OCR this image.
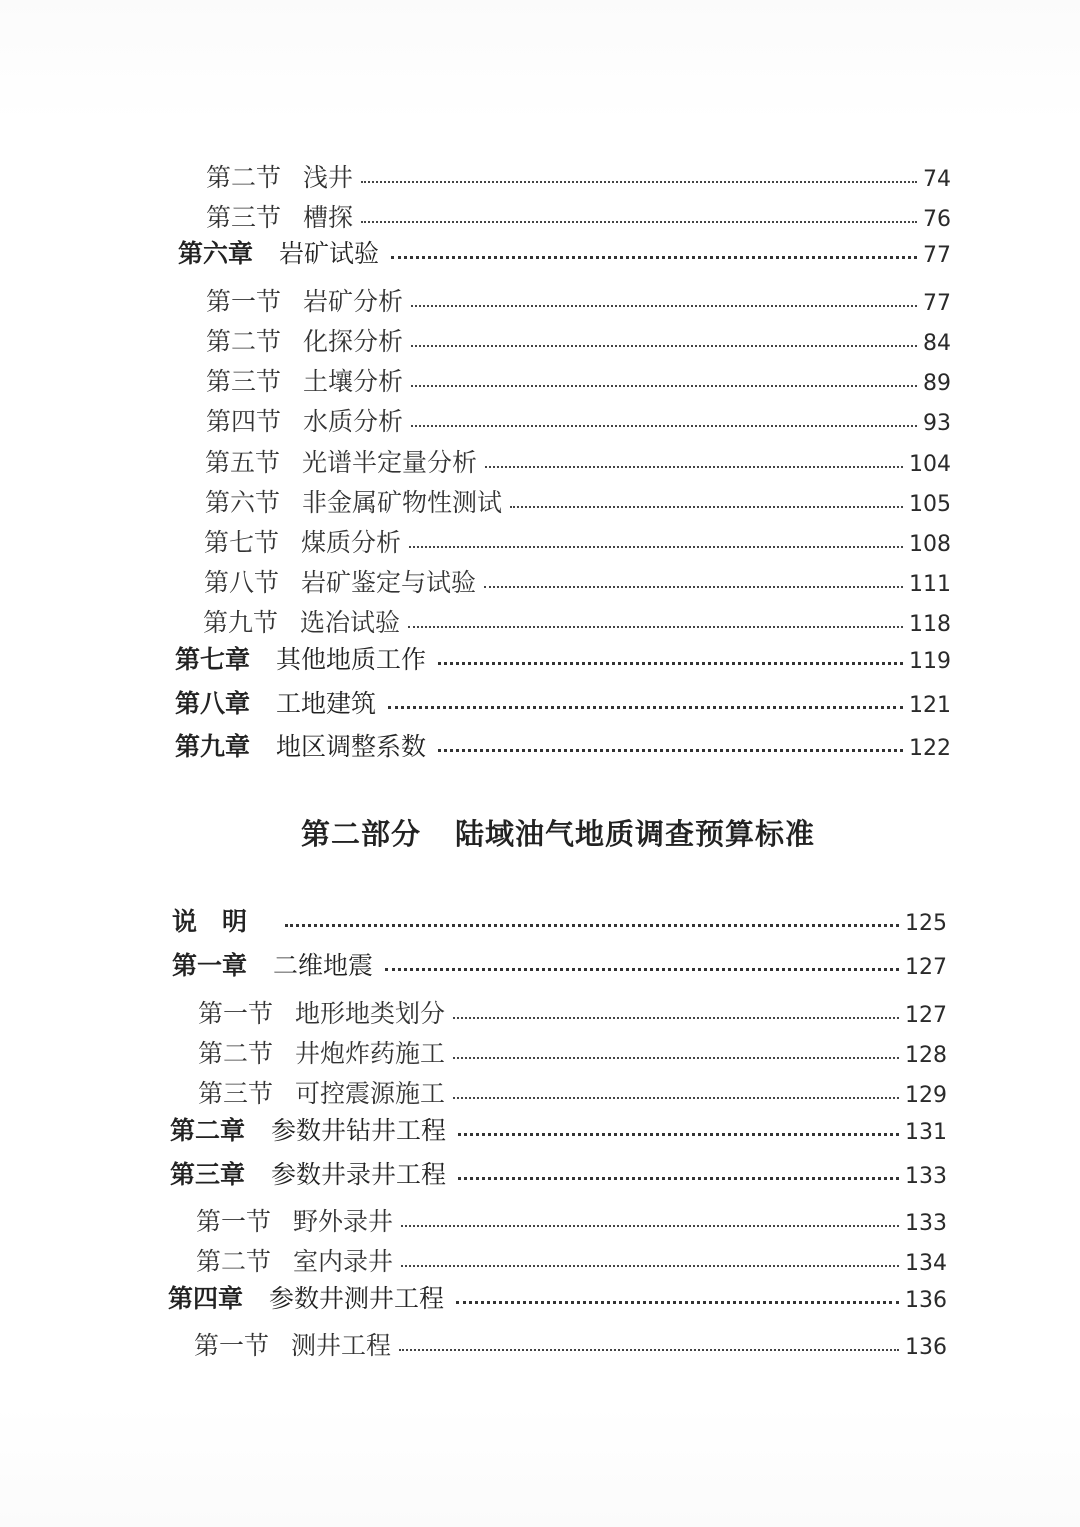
第二节 浅井	74
第三节 槽探	76
第六章 岩矿试验	77
第一节 岩矿分析	77
第二节 化探分析	84
第三节 土壤分析	89
第四节 水质分析	93
第五节 光谱半定量分析	104
第六节 非金属矿物性测试	105
第七节 煤质分析	108
第八节 岩矿鉴定与试验	111
第九节 选冶试验	118
第七章 其他地质工作	119
第八章 工地建筑	121
第九章 地区调整系数	122
第二部分 陆域油气地质调查预算标准
说　明	125
第一章 二维地震	127
第一节 地形地类划分	127
第二节 井炮炸药施工	128
第三节 可控震源施工	129
第二章 参数井钻井工程	131
第三章 参数井录井工程	133
第一节 野外录井	133
第二节 室内录井	134
第四章 参数井测井工程	136
第一节 测井工程	136
